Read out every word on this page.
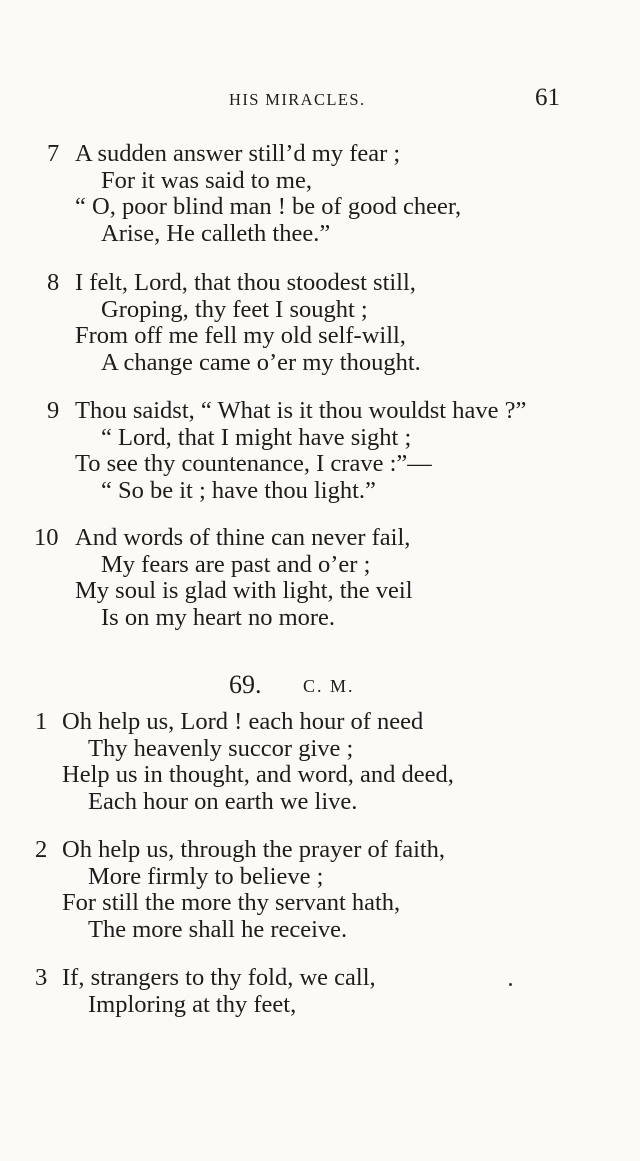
HIS MIRACLES.	61
7 A sudden answer still’d my fear ;
For it was said to me,
“ O, poor blind man ! be of good cheer,
Arise, He calleth thee.”
8 I felt, Lord, that thou stoodest still,
Groping, thy feet I sought ;
From off me fell my old self-will,
A change came o’er my thought.
9 Thou saidst, “ What is it thou wouldst have ?”
“ Lord, that I might have sight ;
To see thy countenance, I crave :”—
“ So be it ; have thou light.”
10 And words of thine can never fail,
My fears are past and o’er ;
My soul is glad with light, the veil
Is on my heart no more.
69. C. M.
1 Oh help us, Lord ! each hour of need
Thy heavenly succor give ;
Help us in thought, and word, and deed,
Each hour on earth we live.
2 Oh help us, through the prayer of faith,
More firmly to believe ;
For still the more thy servant hath,
The more shall he receive.
3 If, strangers to thy fold, we call,
Imploring at thy feet,
